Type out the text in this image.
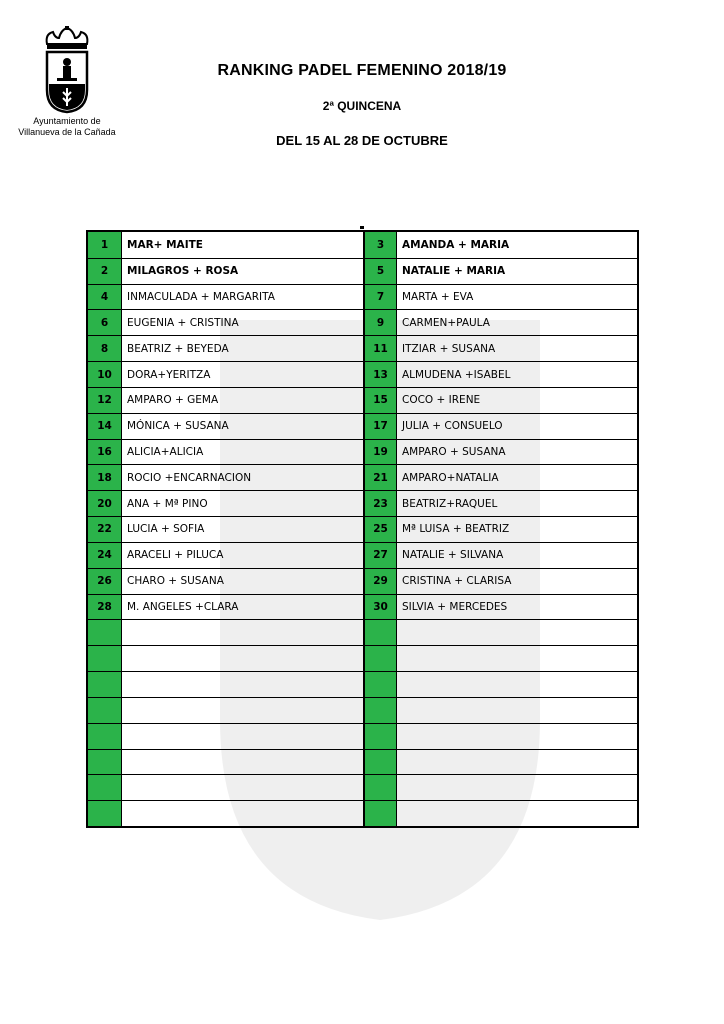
Ayuntamiento de
Villanueva de la Cañada
RANKING PADEL FEMENINO 2018/19
2ª QUINCENA
DEL 15 AL 28 DE OCTUBRE
1	MAR+ MAITE	3	AMANDA + MARIA
2	MILAGROS + ROSA	5	NATALIE + MARIA
4	INMACULADA + MARGARITA	7	MARTA + EVA
6	EUGENIA + CRISTINA	9	CARMEN+PAULA
8	BEATRIZ + BEYEDA	11	ITZIAR + SUSANA
10	DORA+YERITZA	13	ALMUDENA +ISABEL
12	AMPARO + GEMA	15	COCO + IRENE
14	MÓNICA + SUSANA	17	JULIA + CONSUELO
16	ALICIA+ALICIA	19	AMPARO + SUSANA
18	ROCIO +ENCARNACION	21	AMPARO+NATALIA
20	ANA + Mª PINO	23	BEATRIZ+RAQUEL
22	LUCIA + SOFIA	25	Mª LUISA + BEATRIZ
24	ARACELI + PILUCA	27	NATALIE + SILVANA
26	CHARO + SUSANA	29	CRISTINA + CLARISA
28	M. ANGELES +CLARA	30	SILVIA + MERCEDES
